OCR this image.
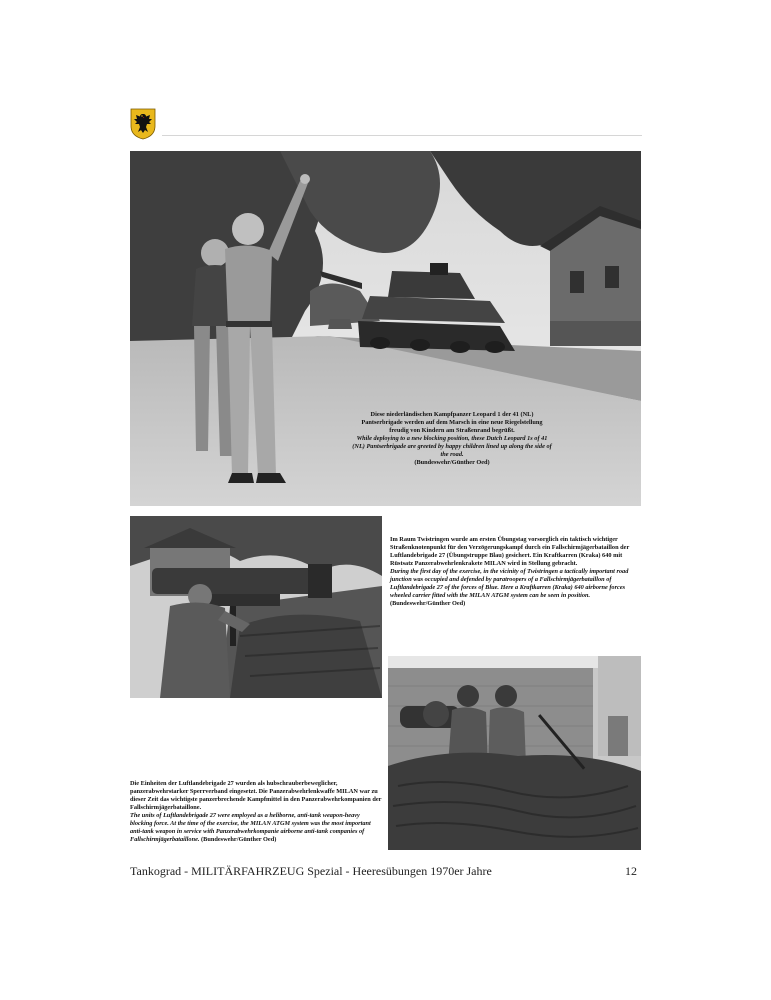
Diese niederländischen Kampfpanzer Leopard 1 der 41 (NL) Pantserbrigade werden auf dem Marsch in eine neue Riegelstellung freudig von Kindern am Straßenrand begrüßt.
While deploying to a new blocking position, these Dutch Leopard 1s of 41 (NL) Pantserbrigade are greeted by happy children lined up along the side of the road.
(Bundeswehr/Günther Oed)
Im Raum Twistringen wurde am ersten Übungstag vorsorglich ein taktisch wichtiger Straßenknotenpunkt für den Verzögerungskampf durch ein Fallschirmjägerbataillon der Luftlandebrigade 27 (Übungstruppe Blau) gesichert. Ein Kraftkarren (Kraka) 640 mit Rüstsatz Panzerabwehrlenkrakete MILAN wird in Stellung gebracht.
During the first day of the exercise, in the vicinity of Twistringen a tactically important road junction was occupied and defended by paratroopers of a Fallschirmjägerbataillon of Luftlandebrigade 27 of the forces of Blue. Here a Kraftkarren (Kraka) 640 airborne forces wheeled carrier fitted with the MILAN ATGM system can be seen in position. (Bundeswehr/Günther Oed)
Die Einheiten der Luftlandebrigade 27 wurden als hubschrauberbeweglicher, panzerabwehrstarker Sperrverband eingesetzt. Die Panzerabwehrlenkwaffe MILAN war zu dieser Zeit das wichtigste panzerbrechende Kampfmittel in den Panzerabwehrkompanien der Fallschirmjägerbataillone.
The units of Luftlandebrigade 27 were employed as a heliborne, anti-tank weapon-heavy blocking force. At the time of the exercise, the MILAN ATGM system was the most important anti-tank weapon in service with Panzerabwehrkompanie airborne anti-tank companies of Fallschirmjägerbataillone. (Bundeswehr/Günther Oed)
Tankograd - MILITÄRFAHRZEUG Spezial - Heeresübungen 1970er Jahre	12
